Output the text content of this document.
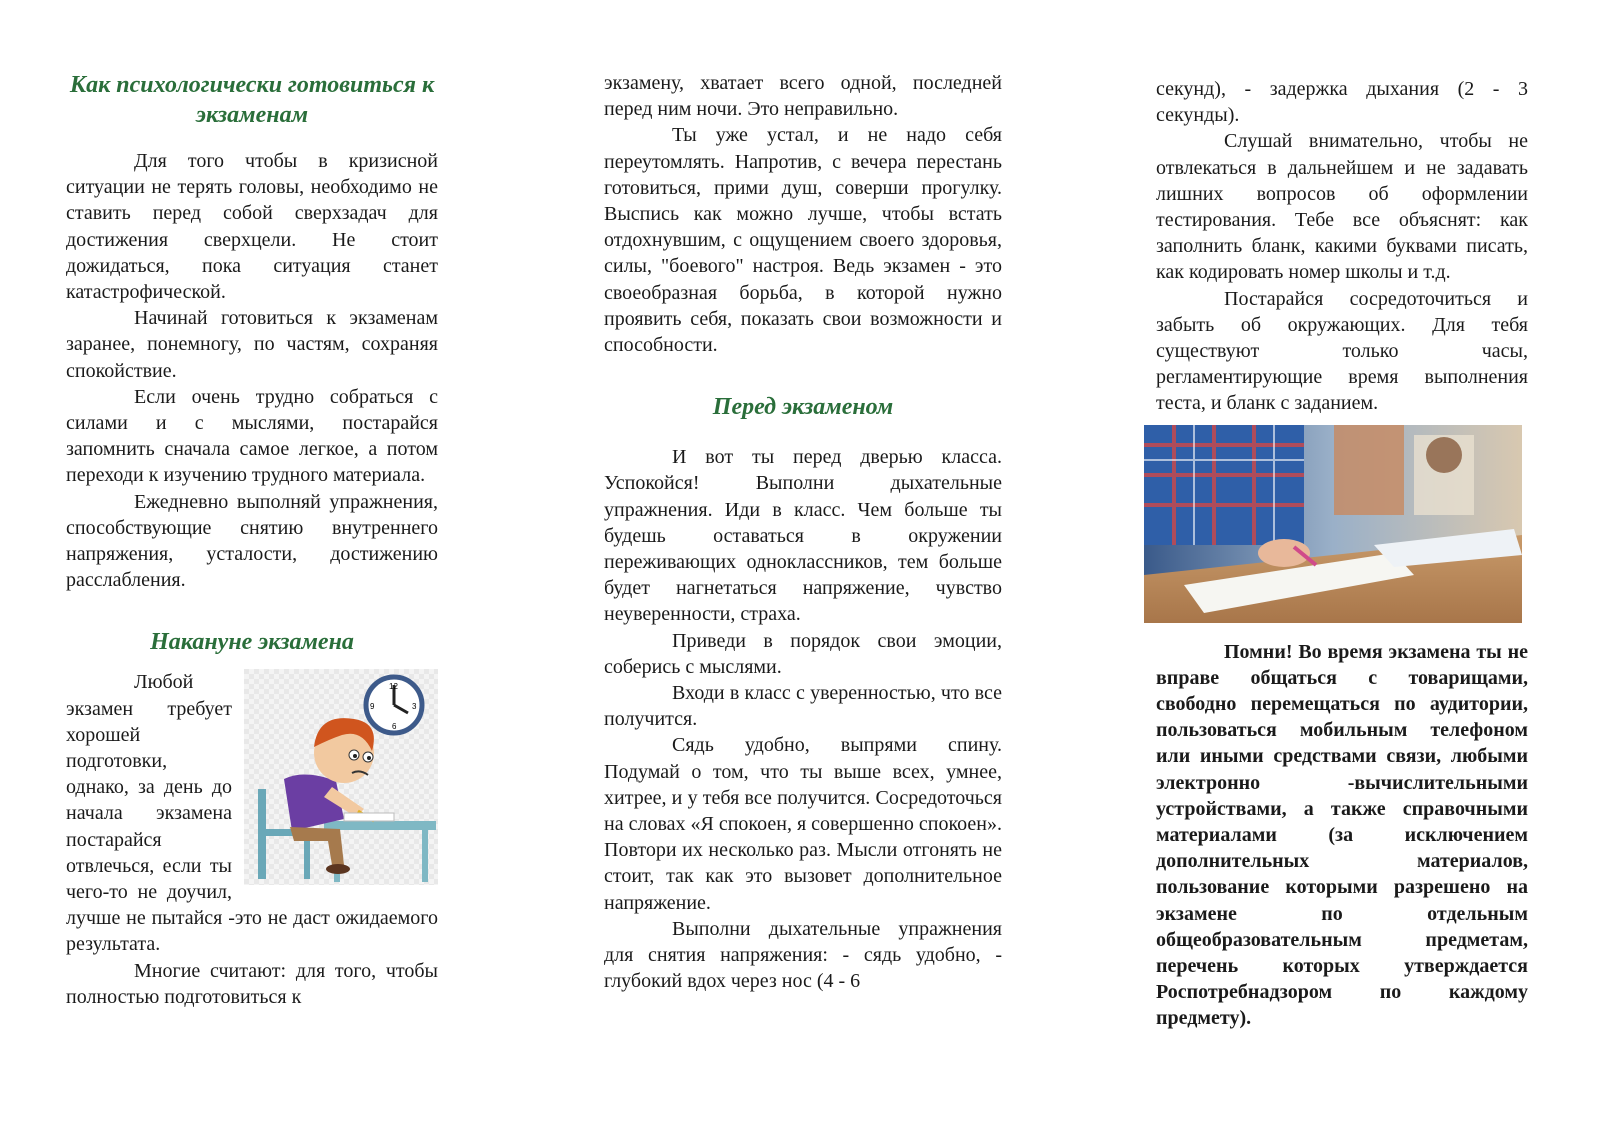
Как психологически готовиться к экзаменам

Для того чтобы в кризисной ситуации не терять головы, необходимо не ставить перед собой сверхзадач для достижения сверхцели. Не стоит дожидаться, пока ситуация станет катастрофической.

Начинай готовиться к экзаменам заранее, понемногу, по частям, сохраняя спокойствие.

Если очень трудно собраться с силами и с мыслями, постарайся запомнить сначала самое легкое, а потом переходи к изучению трудного материала.

Ежедневно выполняй упражнения, способствующие снятию внутреннего напряжения, усталости, достижению расслабления.

Накануне экзамена
12
9	3
6

Любой экзамен требует хорошей подготовки, однако, за день до начала экзамена постарайся отвлечься, если ты чего-то не доучил, лучше не пытайся -это не даст ожидаемого результата.

Многие считают: для того, чтобы полностью подготовиться к

экзамену, хватает всего одной, последней перед ним ночи. Это неправильно.

Ты уже устал, и не надо себя переутомлять. Напротив, с вечера перестань готовиться, прими душ, соверши прогулку. Выспись как можно лучше, чтобы встать отдохнувшим, с ощущением своего здоровья, силы, "боевого" настроя. Ведь экзамен - это своеобразная борьба, в которой нужно проявить себя, показать свои возможности и способности.

Перед экзаменом

И вот ты перед дверью класса. Успокойся! Выполни дыхательные упражнения. Иди в класс. Чем больше ты будешь оставаться в окружении переживающих одноклассников, тем больше будет нагнетаться напряжение, чувство неуверенности, страха.

Приведи в порядок свои эмоции, соберись с мыслями.

Входи в класс с уверенностью, что все получится.

Сядь удобно, выпрями спину. Подумай о том, что ты выше всех, умнее, хитрее, и у тебя все получится. Сосредоточься на словах «Я спокоен, я совершенно спокоен». Повтори их несколько раз. Мысли отгонять не стоит, так как это вызовет дополнительное напряжение.

Выполни дыхательные упражнения для снятия напряжения: - сядь удобно, - глубокий вдох через нос (4 - 6

секунд), - задержка дыхания (2 - 3 секунды).

Слушай внимательно, чтобы не отвлекаться в дальнейшем и не задавать лишних вопросов об оформлении тестирования. Тебе все объяснят: как заполнить бланк, какими буквами писать, как кодировать номер школы и т.д.

Постарайся сосредоточиться и забыть об окружающих. Для тебя существуют только часы, регламентирующие время выполнения теста, и бланк с заданием.

Помни! Во время экзамена ты не вправе общаться с товарищами, свободно перемещаться по аудитории, пользоваться мобильным телефоном или иными средствами связи, любыми электронно -вычислительными устройствами, а также справочными материалами (за исключением дополнительных материалов, пользование которыми разрешено на экзамене по отдельным общеобразовательным предметам, перечень которых утверждается Роспотребнадзором по каждому предмету).
